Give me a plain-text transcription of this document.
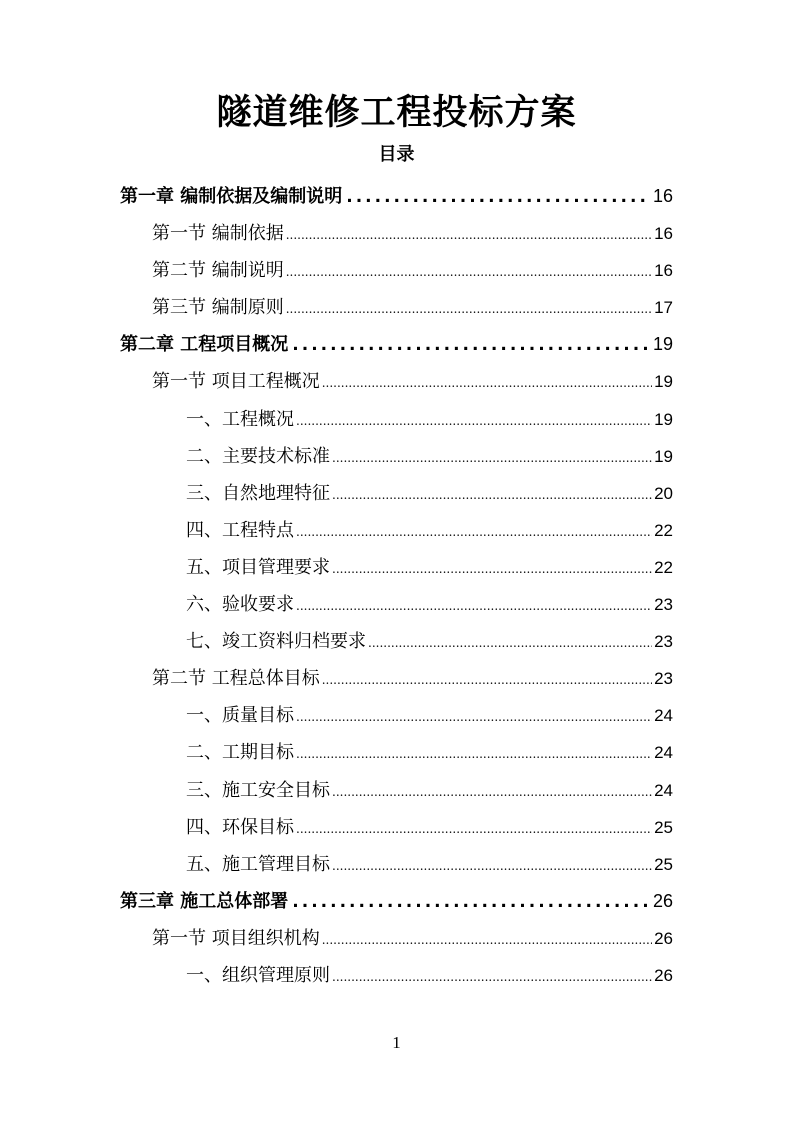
隧道维修工程投标方案
目录
第一章 编制依据及编制说明 .....	16
第一节 编制依据 .....	16
第二节 编制说明 .....	16
第三节 编制原则 .....	17
第二章 工程项目概况 .....	19
第一节 项目工程概况 .....	19
一、工程概况 .....	19
二、主要技术标准 .....	19
三、自然地理特征 .....	20
四、工程特点 .....	22
五、项目管理要求 .....	22
六、验收要求 .....	23
七、竣工资料归档要求 .....	23
第二节 工程总体目标 .....	23
一、质量目标 .....	24
二、工期目标 .....	24
三、施工安全目标 .....	24
四、环保目标 .....	25
五、施工管理目标 .....	25
第三章 施工总体部署 .....	26
第一节 项目组织机构 .....	26
一、组织管理原则 .....	26
1
